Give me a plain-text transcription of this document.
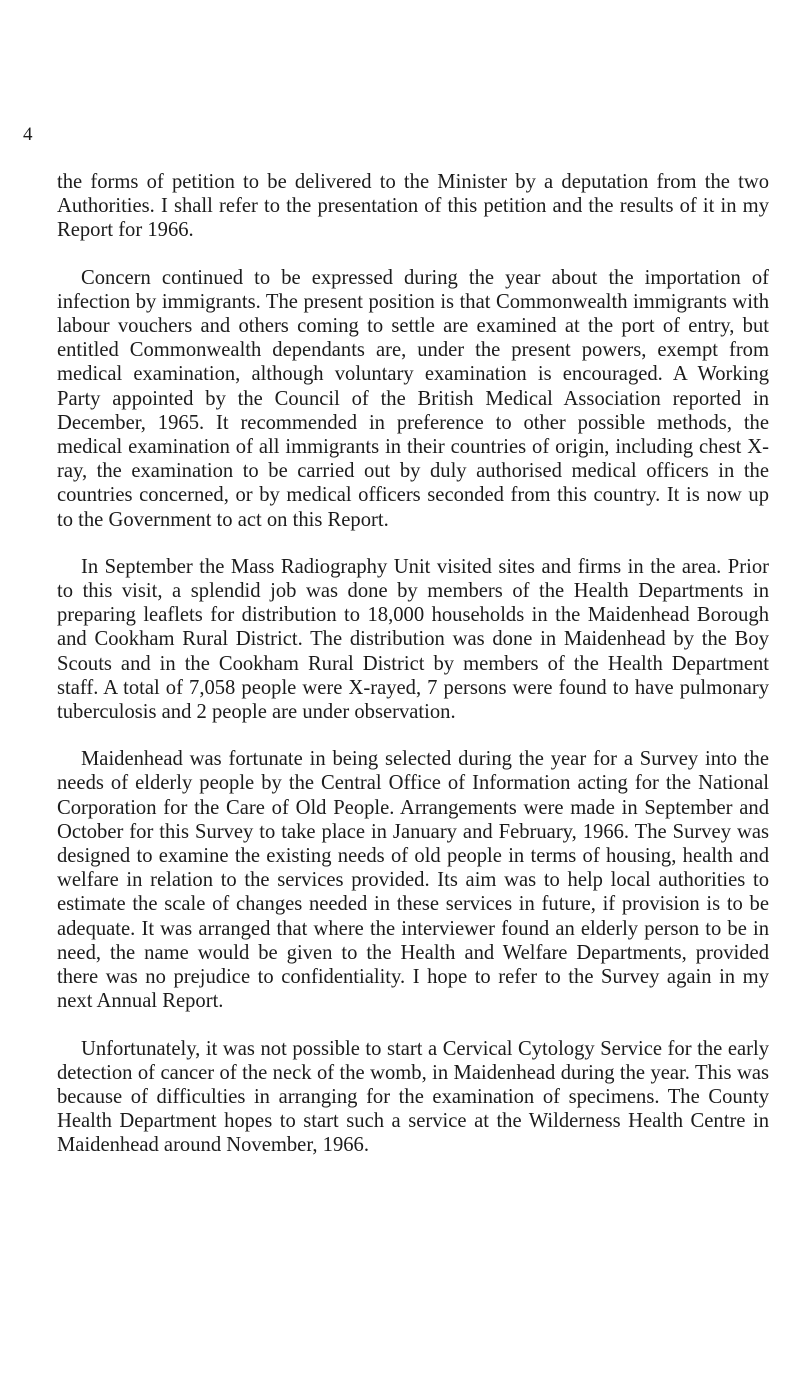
4

the forms of petition to be delivered to the Minister by a deputation from the two Authorities. I shall refer to the presentation of this petition and the results of it in my Report for 1966.

Concern continued to be expressed during the year about the importation of infection by immigrants. The present position is that Commonwealth immigrants with labour vouchers and others coming to settle are examined at the port of entry, but entitled Commonwealth dependants are, under the present powers, exempt from medical examination, although voluntary examination is encouraged. A Working Party appointed by the Council of the British Medical Association reported in December, 1965. It recommended in preference to other possible methods, the medical examination of all immigrants in their countries of origin, including chest X-ray, the examination to be carried out by duly authorised medical officers in the countries concerned, or by medical officers seconded from this country. It is now up to the Government to act on this Report.

In September the Mass Radiography Unit visited sites and firms in the area. Prior to this visit, a splendid job was done by members of the Health Departments in preparing leaflets for distribution to 18,000 households in the Maidenhead Borough and Cookham Rural District. The distribution was done in Maidenhead by the Boy Scouts and in the Cookham Rural District by members of the Health Department staff. A total of 7,058 people were X-rayed, 7 persons were found to have pulmonary tuberculosis and 2 people are under observation.

Maidenhead was fortunate in being selected during the year for a Survey into the needs of elderly people by the Central Office of Information acting for the National Corporation for the Care of Old People. Arrangements were made in September and October for this Survey to take place in January and February, 1966. The Survey was designed to examine the existing needs of old people in terms of housing, health and welfare in relation to the services provided. Its aim was to help local authorities to estimate the scale of changes needed in these services in future, if provision is to be adequate. It was arranged that where the interviewer found an elderly person to be in need, the name would be given to the Health and Welfare Departments, provided there was no prejudice to confidentiality. I hope to refer to the Survey again in my next Annual Report.

Unfortunately, it was not possible to start a Cervical Cytology Service for the early detection of cancer of the neck of the womb, in Maidenhead during the year. This was because of difficulties in arranging for the examination of specimens. The County Health Department hopes to start such a service at the Wilderness Health Centre in Maidenhead around November, 1966.
